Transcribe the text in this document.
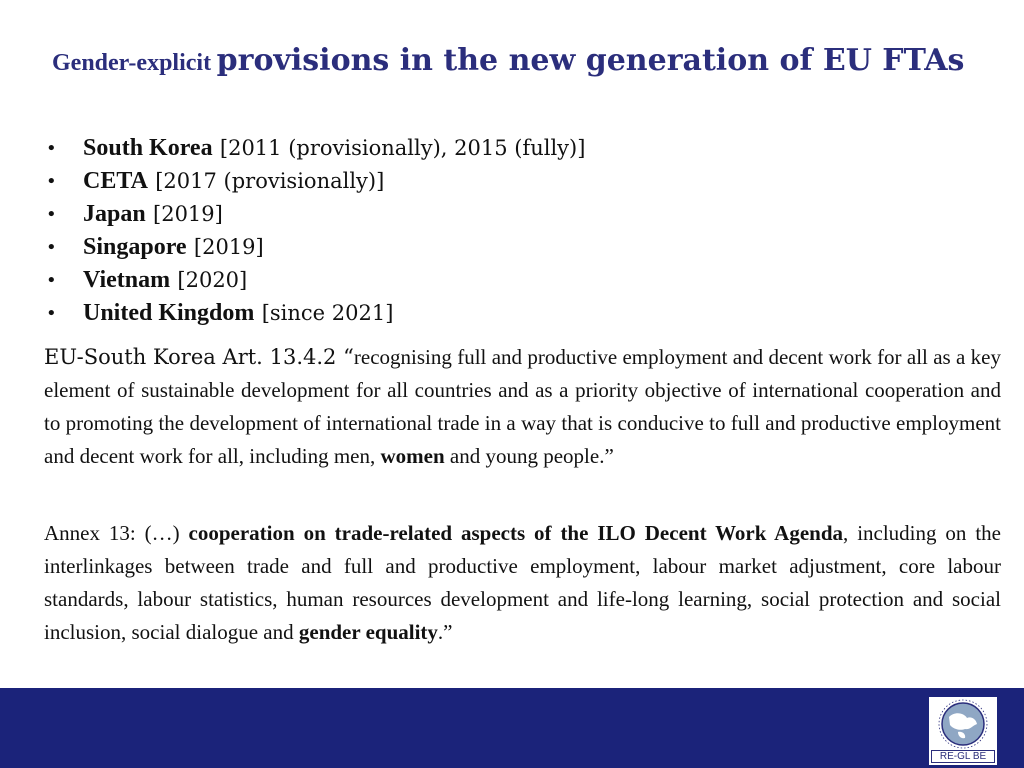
Gender-explicit provisions in the new generation of EU FTAs
• South Korea [2011 (provisionally), 2015 (fully)]
• CETA [2017 (provisionally)]
• Japan [2019]
• Singapore [2019]
• Vietnam [2020]
• United Kingdom [since 2021]

EU-South Korea Art. 13.4.2 “recognising full and productive employment and decent work for all as a key element of sustainable development for all countries and as a priority objective of international cooperation and to promoting the development of international trade in a way that is conducive to full and productive employment and decent work for all, including men, women and young people.”

Annex 13: (…) cooperation on trade-related aspects of the ILO Decent Work Agenda, including on the interlinkages between trade and full and productive employment, labour market adjustment, core labour standards, labour statistics, human resources development and life-long learning, social protection and social inclusion, social dialogue and gender equality.”

RE-GL BE
